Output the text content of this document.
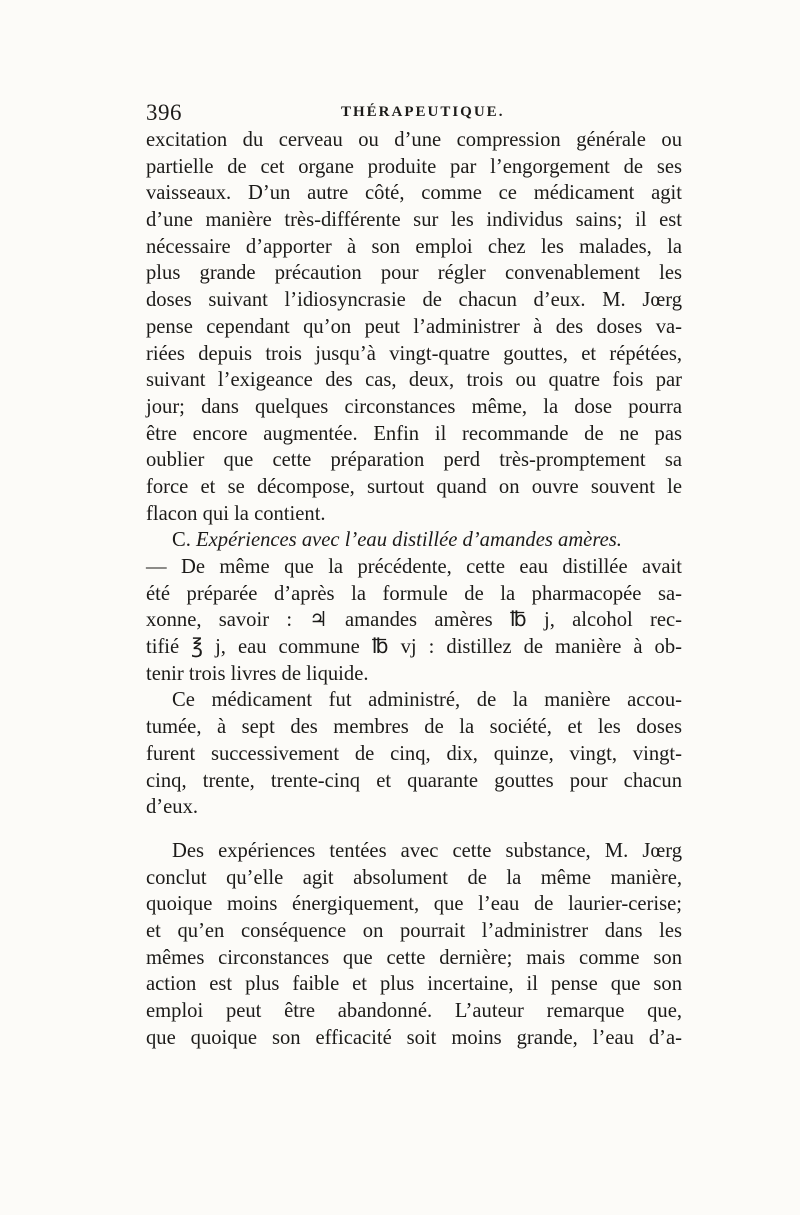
396	THÉRAPEUTIQUE.
excitation du cerveau ou d’une compression générale ou
partielle de cet organe produite par l’engorgement de ses
vaisseaux. D’un autre côté, comme ce médicament agit
d’une manière très-différente sur les individus sains; il est
nécessaire d’apporter à son emploi chez les malades, la
plus grande précaution pour régler convenablement les
doses suivant l’idiosyncrasie de chacun d’eux. M. Jœrg
pense cependant qu’on peut l’administrer à des doses va-
riées depuis trois jusqu’à vingt-quatre gouttes, et répétées,
suivant l’exigeance des cas, deux, trois ou quatre fois par
jour; dans quelques circonstances même, la dose pourra
être encore augmentée. Enfin il recommande de ne pas
oublier que cette préparation perd très-promptement sa
force et se décompose, surtout quand on ouvre souvent le
flacon qui la contient.
C. Expériences avec l’eau distillée d’amandes amères.
— De même que la précédente, cette eau distillée avait
été préparée d’après la formule de la pharmacopée sa-
xonne, savoir : ♃ amandes amères ℔ j, alcohol rec-
tifié ℥ j, eau commune ℔ vj : distillez de manière à ob-
tenir trois livres de liquide.
Ce médicament fut administré, de la manière accou-
tumée, à sept des membres de la société, et les doses
furent successivement de cinq, dix, quinze, vingt, vingt-
cinq, trente, trente-cinq et quarante gouttes pour chacun
d’eux.
Des expériences tentées avec cette substance, M. Jœrg
conclut qu’elle agit absolument de la même manière,
quoique moins énergiquement, que l’eau de laurier-cerise;
et qu’en conséquence on pourrait l’administrer dans les
mêmes circonstances que cette dernière; mais comme son
action est plus faible et plus incertaine, il pense que son
emploi peut être abandonné. L’auteur remarque que,
que quoique son efficacité soit moins grande, l’eau d’a-
